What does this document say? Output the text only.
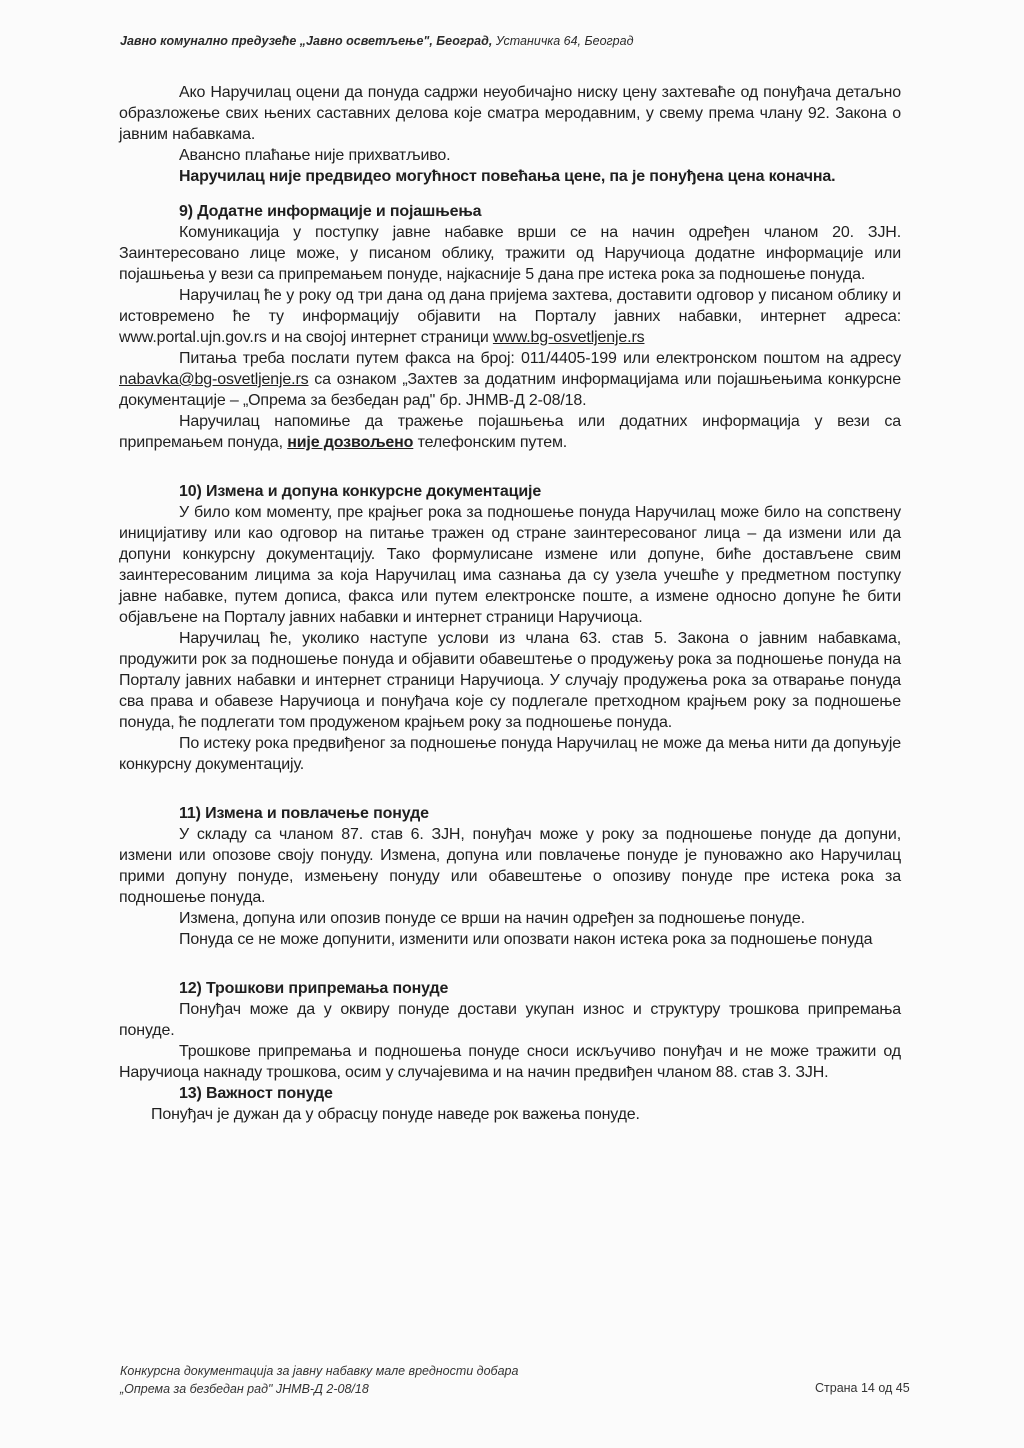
Јавно комунално предузеће „Јавно осветљење", Београд, Устаничка 64, Београд

Ако Наручилац оцени да понуда садржи неуобичајно ниску цену захтеваће од понуђача детаљно образложење свих њених саставних делова које сматра меродавним, у свему према члану 92. Закона о јавним набавкама.

Авансно плаћање није прихватљиво.

Наручилац није предвидео могућност повећања цене, па је понуђена цена коначна.

9) Додатне информације и појашњења

Комуникација у поступку јавне набавке врши се на начин одређен чланом 20. ЗЈН. Заинтересовано лице може, у писаном облику, тражити од Наручиоца додатне информације или појашњења у вези са припремањем понуде, најкасније 5 дана пре истека рока за подношење понуда.

Наручилац ће у року од три дана од дана пријема захтева, доставити одговор у писаном облику и истовремено ће ту информацију објавити на Порталу јавних набавки, интернет адреса: www.portal.ujn.gov.rs и на својој интернет страници www.bg-osvetljenje.rs

Питања треба послати путем факса на број: 011/4405-199 или електронском поштом на адресу nabavka@bg-osvetljenje.rs са ознаком „Захтев за додатним информацијама или појашњењима конкурсне документације – „Опрема за безбедан рад" бр. ЈНМВ-Д 2-08/18.

Наручилац напомиње да тражење појашњења или додатних информација у вези са припремањем понуда, није дозвољено телефонским путем.

10) Измена и допуна конкурсне документације

У било ком моменту, пре крајњег рока за подношење понуда Наручилац може било на сопствену иницијативу или као одговор на питање тражен од стране заинтересованог лица – да измени или да допуни конкурсну документацију. Тако формулисане измене или допуне, биће достављене свим заинтересованим лицима за која Наручилац има сазнања да су узела учешће у предметном поступку јавне набавке, путем дописа, факса или путем електронске поште, а измене односно допуне ће бити објављене на Порталу јавних набавки и интернет страници Наручиоца.

Наручилац ће, уколико наступе услови из члана 63. став 5. Закона о јавним набавкама, продужити рок за подношење понуда и објавити обавештење о продужењу рока за подношење понуда на Порталу јавних набавки и интернет страници Наручиоца. У случају продужења рока за отварање понуда сва права и обавезе Наручиоца и понуђача које су подлегале претходном крајњем року за подношење понуда, ће подлегати том продуженом крајњем року за подношење понуда.

По истеку рока предвиђеног за подношење понуда Наручилац не може да мења нити да допуњује конкурсну документацију.

11) Измена и повлачење понуде

У складу са чланом 87. став 6. ЗЈН, понуђач може у року за подношење понуде да допуни, измени или опозове своју понуду. Измена, допуна или повлачење понуде је пуноважно ако Наручилац прими допуну понуде, измењену понуду или обавештење о опозиву понуде пре истека рока за подношење понуда.

Измена, допуна или опозив понуде се врши на начин одређен за подношење понуде.

Понуда се не може допунити, изменити или опозвати након истека рока за подношење понуда

12) Трошкови припремања понуде

Понуђач може да у оквиру понуде достави укупан износ и структуру трошкова припремања понуде.

Трошкове припремања и подношења понуде сноси искључиво понуђач и не може тражити од Наручиоца накнаду трошкова, осим у случајевима и на начин предвиђен чланом 88. став 3. ЗЈН.

13) Важност понуде

Понуђач је дужан да у обрасцу понуде наведе рок важења понуде.

Конкурсна документација за јавну набавку мале вредности добара
„Опрема за безбедан рад" ЈНМВ-Д 2-08/18	Страна 14 од 45
